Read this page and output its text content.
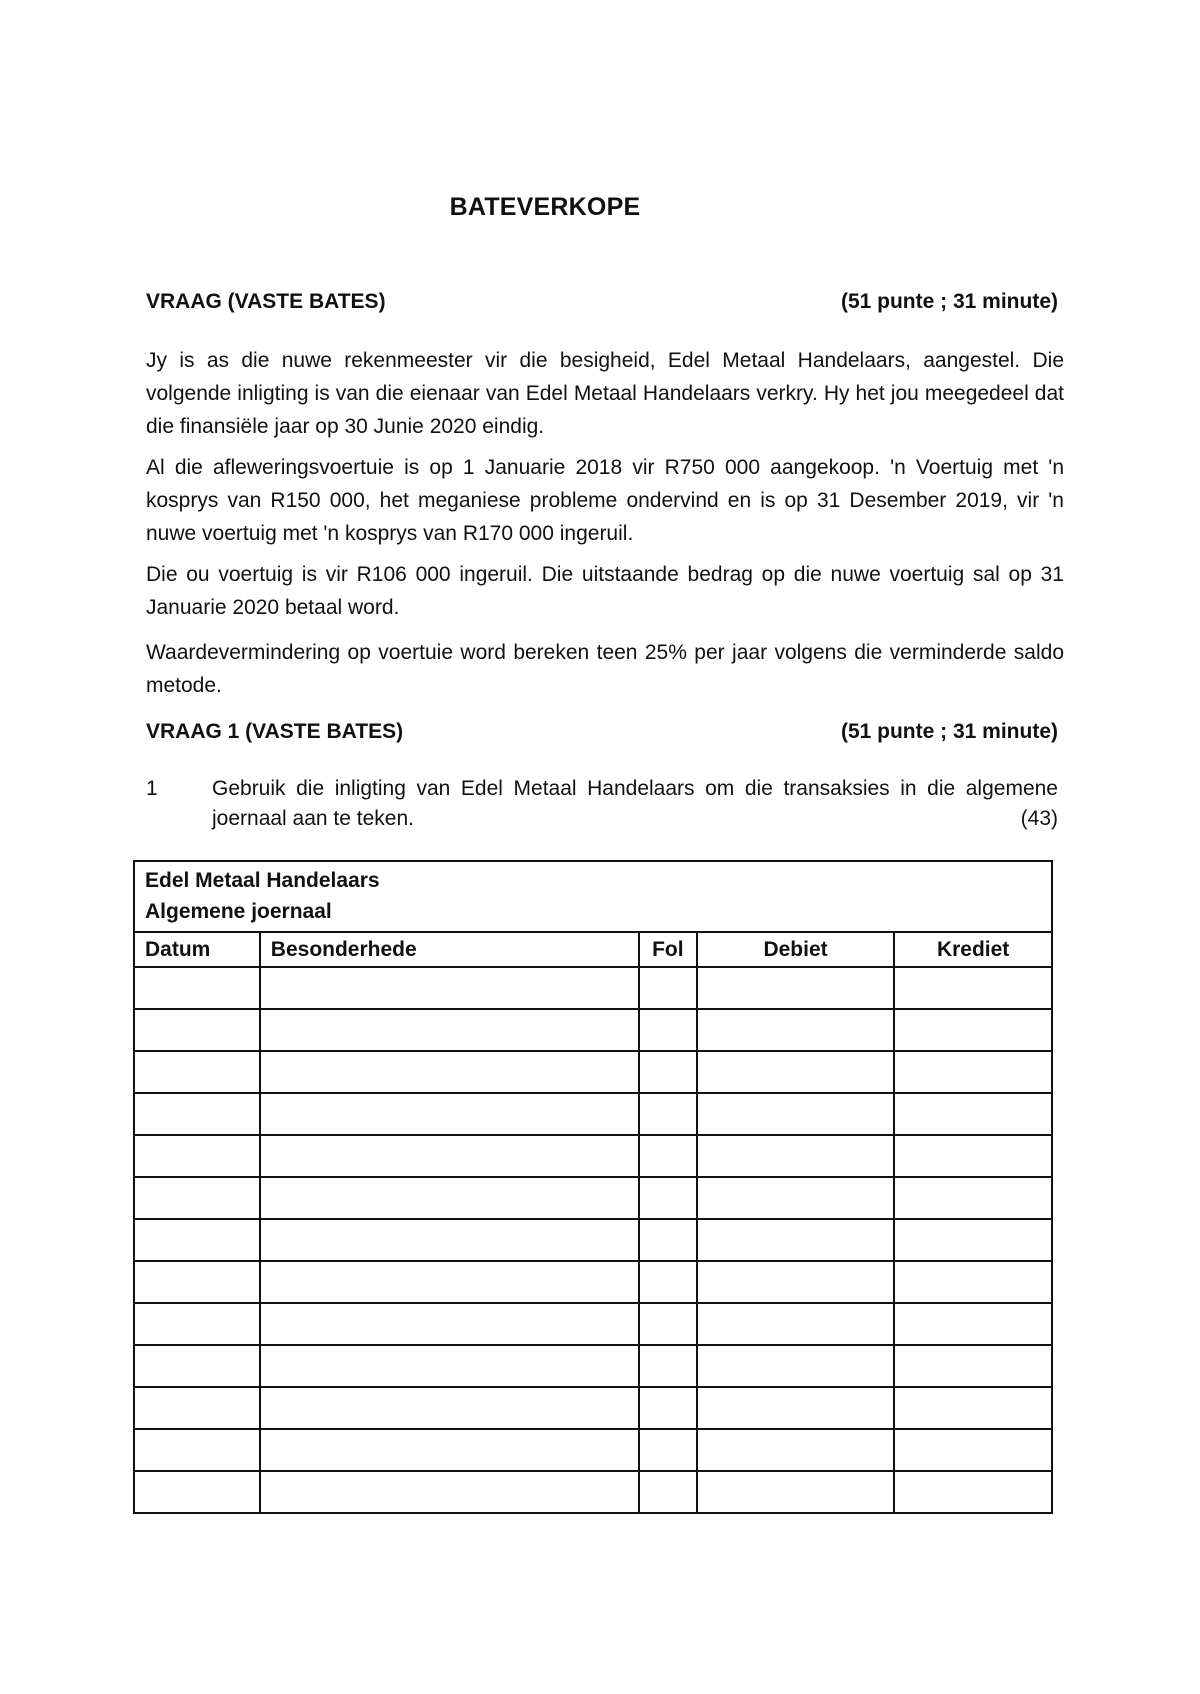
BATEVERKOPE
VRAAG (VASTE BATES)	(51 punte ; 31 minute)

Jy is as die nuwe rekenmeester vir die besigheid, Edel Metaal Handelaars, aangestel. Die volgende inligting is van die eienaar van Edel Metaal Handelaars verkry. Hy het jou meegedeel dat die finansiële jaar op 30 Junie 2020 eindig.

Al die afleweringsvoertuie is op 1 Januarie 2018 vir R750 000 aangekoop. 'n Voertuig met 'n kosprys van R150 000, het meganiese probleme ondervind en is op 31 Desember 2019, vir 'n nuwe voertuig met 'n kosprys van R170 000 ingeruil.

Die ou voertuig is vir R106 000 ingeruil. Die uitstaande bedrag op die nuwe voertuig sal op 31 Januarie 2020 betaal word.

Waardevermindering op voertuie word bereken teen 25% per jaar volgens die verminderde saldo metode.

VRAAG 1 (VASTE BATES)	(51 punte ; 31 minute)
1	Gebruik die inligting van Edel Metaal Handelaars om die transaksies in die algemene joernaal aan te teken.	(43)
Edel Metaal Handelaars
Algemene joernaal				

Datum	Besonderhede	Fol	Debiet	Krediet
